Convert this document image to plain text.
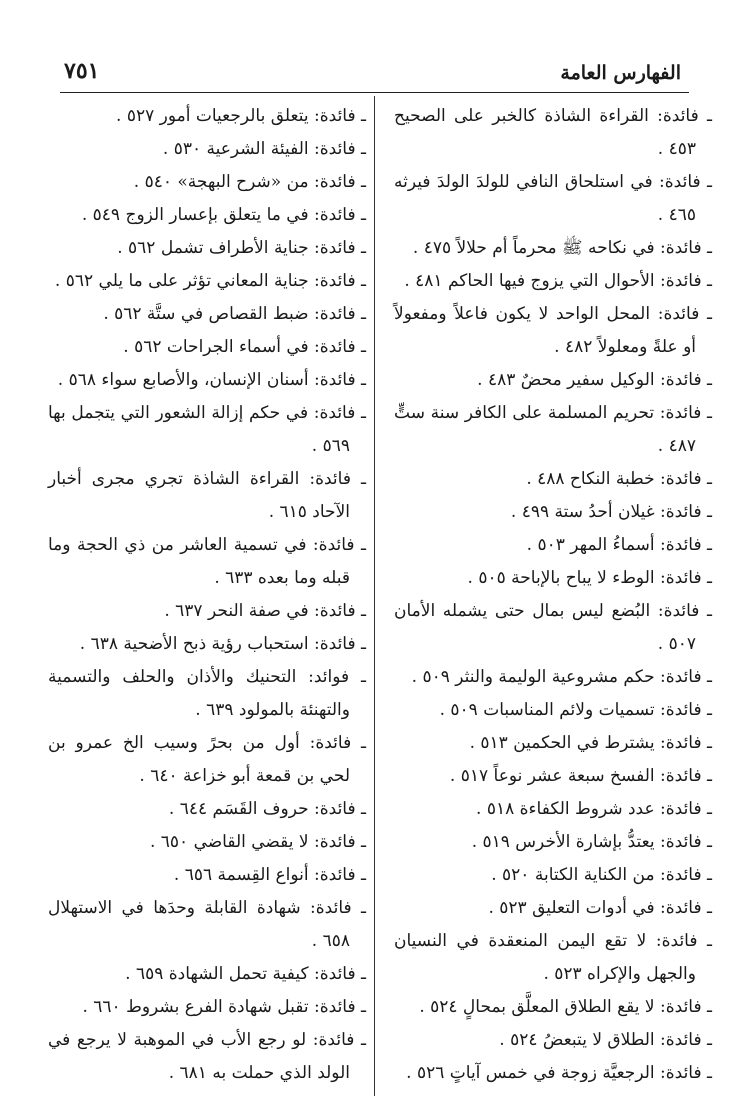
الفهارس العامة
٧٥١
ـ فائدة: القراءة الشاذة كالخبر على الصحيح ٤٥٣ .
ـ فائدة: في استلحاق النافي للولدَ الولدَ فيرثه ٤٦٥ .
ـ فائدة: في نكاحه ﷺ محرماً أم حلالاً ٤٧٥ .
ـ فائدة: الأحوال التي يزوج فيها الحاكم ٤٨١ .
ـ فائدة: المحل الواحد لا يكون فاعلاً ومفعولاً أو علةً ومعلولاً ٤٨٢ .
ـ فائدة: الوكيل سفير محضٌ ٤٨٣ .
ـ فائدة: تحريم المسلمة على الكافر سنة ستٍّ ٤٨٧ .
ـ فائدة: خطبة النكاح ٤٨٨ .
ـ فائدة: غيلان أحدُ ستة ٤٩٩ .
ـ فائدة: أسماءُ المهر ٥٠٣ .
ـ فائدة: الوطء لا يباح بالإباحة ٥٠٥ .
ـ فائدة: البُضع ليس بمال حتى يشمله الأمان ٥٠٧ .
ـ فائدة: حكم مشروعية الوليمة والنثر ٥٠٩ .
ـ فائدة: تسميات ولائم المناسبات ٥٠٩ .
ـ فائدة: يشترط في الحكمين ٥١٣ .
ـ فائدة: الفسخ سبعة عشر نوعاً ٥١٧ .
ـ فائدة: عدد شروط الكفاءة ٥١٨ .
ـ فائدة: يعتدُّ بإشارة الأخرس ٥١٩ .
ـ فائدة: من الكناية الكتابة ٥٢٠ .
ـ فائدة: في أدوات التعليق ٥٢٣ .
ـ فائدة: لا تقع اليمن المنعقدة في النسيان والجهل والإكراه ٥٢٣ .
ـ فائدة: لا يقع الطلاق المعلَّق بمحالٍ ٥٢٤ .
ـ فائدة: الطلاق لا يتبعضُ ٥٢٤ .
ـ فائدة: الرجعيَّة زوجة في خمس آياتٍ ٥٢٦ .
ـ فائدة: يتعلق بالرجعيات أمور ٥٢٧ .
ـ فائدة: الفيئة الشرعية ٥٣٠ .
ـ فائدة: من «شرح البهجة» ٥٤٠ .
ـ فائدة: في ما يتعلق بإعسار الزوج ٥٤٩ .
ـ فائدة: جناية الأطراف تشمل ٥٦٢ .
ـ فائدة: جناية المعاني تؤثر على ما يلي ٥٦٢ .
ـ فائدة: ضبط القصاص في ستَّة ٥٦٢ .
ـ فائدة: في أسماء الجراحات ٥٦٢ .
ـ فائدة: أسنان الإنسان، والأصابع سواء ٥٦٨ .
ـ فائدة: في حكم إزالة الشعور التي يتجمل بها ٥٦٩ .
ـ فائدة: القراءة الشاذة تجري مجرى أخبار الآحاد ٦١٥ .
ـ فائدة: في تسمية العاشر من ذي الحجة وما قبله وما بعده ٦٣٣ .
ـ فائدة: في صفة النحر ٦٣٧ .
ـ فائدة: استحباب رؤية ذبح الأضحية ٦٣٨ .
ـ فوائد: التحنيك والأذان والحلف والتسمية والتهنئة بالمولود ٦٣٩ .
ـ فائدة: أول من بحرً وسيب الخ عمرو بن لحي بن قمعة أبو خزاعة ٦٤٠ .
ـ فائدة: حروف القَسَم ٦٤٤ .
ـ فائدة: لا يقضي القاضي ٦٥٠ .
ـ فائدة: أنواع القِسمة ٦٥٦ .
ـ فائدة: شهادة القابلة وحدَها في الاستهلال ٦٥٨ .
ـ فائدة: كيفية تحمل الشهادة ٦٥٩ .
ـ فائدة: تقبل شهادة الفرع بشروط ٦٦٠ .
ـ فائدة: لو رجع الأب في الموهبة لا يرجع في الولد الذي حملت به ٦٨١ .
